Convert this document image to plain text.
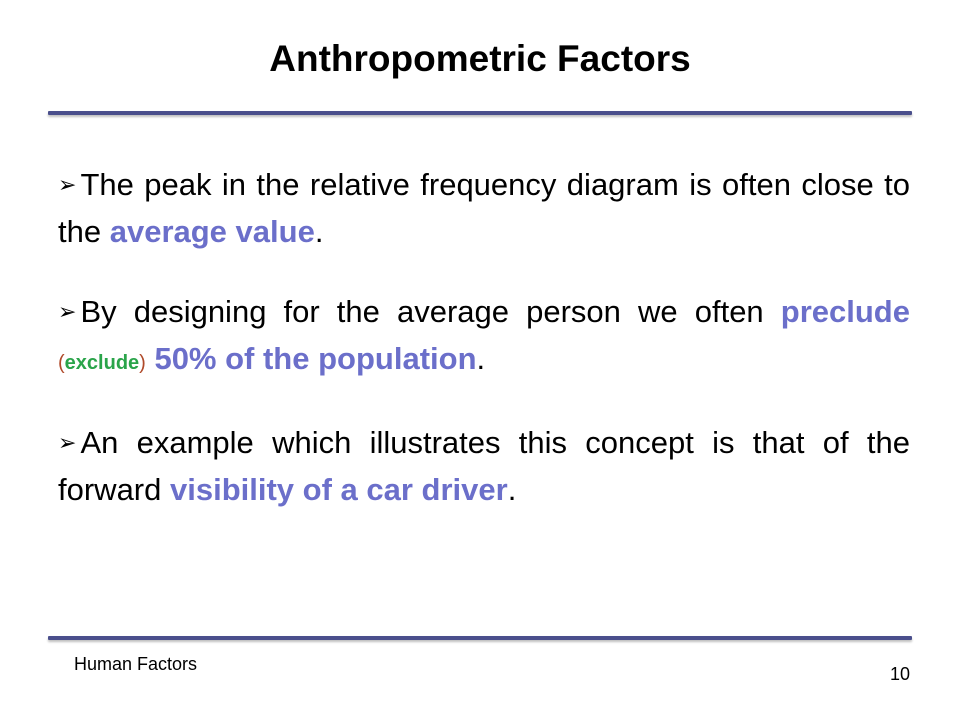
Anthropometric Factors

➢ The peak in the relative frequency diagram is often close to the average value.

➢ By designing for the average person we often preclude (exclude) 50% of the population.

➢ An example which illustrates this concept is that of the forward visibility of a car driver.

Human Factors	10
